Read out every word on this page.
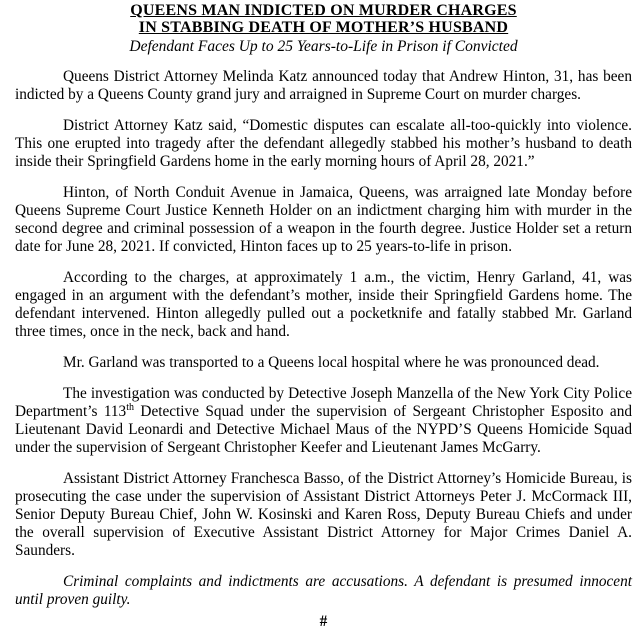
QUEENS MAN INDICTED ON MURDER CHARGES
IN STABBING DEATH OF MOTHER’S HUSBAND
Defendant Faces Up to 25 Years-to-Life in Prison if Convicted

Queens District Attorney Melinda Katz announced today that Andrew Hinton, 31, has been indicted by a Queens County grand jury and arraigned in Supreme Court on murder charges.

District Attorney Katz said, “Domestic disputes can escalate all-too-quickly into violence. This one erupted into tragedy after the defendant allegedly stabbed his mother’s husband to death inside their Springfield Gardens home in the early morning hours of April 28, 2021.”

Hinton, of North Conduit Avenue in Jamaica, Queens, was arraigned late Monday before Queens Supreme Court Justice Kenneth Holder on an indictment charging him with murder in the second degree and criminal possession of a weapon in the fourth degree. Justice Holder set a return date for June 28, 2021. If convicted, Hinton faces up to 25 years-to-life in prison.

According to the charges, at approximately 1 a.m., the victim, Henry Garland, 41, was engaged in an argument with the defendant’s mother, inside their Springfield Gardens home. The defendant intervened. Hinton allegedly pulled out a pocketknife and fatally stabbed Mr. Garland three times, once in the neck, back and hand.

Mr. Garland was transported to a Queens local hospital where he was pronounced dead.

The investigation was conducted by Detective Joseph Manzella of the New York City Police Department’s 113th Detective Squad under the supervision of Sergeant Christopher Esposito and Lieutenant David Leonardi and Detective Michael Maus of the NYPD’S Queens Homicide Squad under the supervision of Sergeant Christopher Keefer and Lieutenant James McGarry.

Assistant District Attorney Franchesca Basso, of the District Attorney’s Homicide Bureau, is prosecuting the case under the supervision of Assistant District Attorneys Peter J. McCormack III, Senior Deputy Bureau Chief, John W. Kosinski and Karen Ross, Deputy Bureau Chiefs and under the overall supervision of Executive Assistant District Attorney for Major Crimes Daniel A. Saunders.

Criminal complaints and indictments are accusations. A defendant is presumed innocent until proven guilty.

#
